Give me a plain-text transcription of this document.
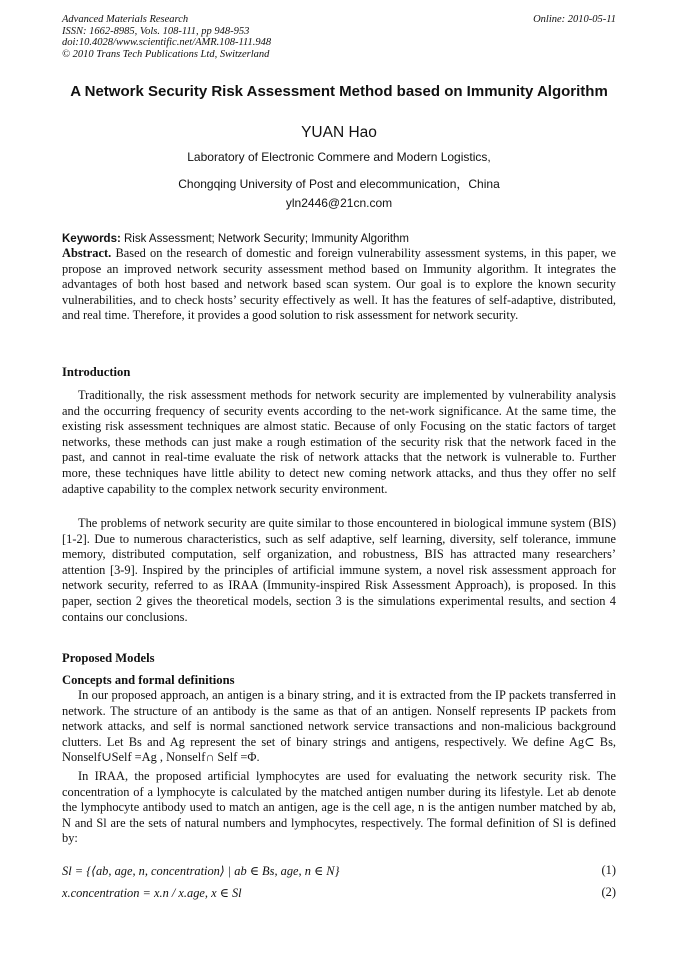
Advanced Materials Research
ISSN: 1662-8985, Vols. 108-111, pp 948-953
doi:10.4028/www.scientific.net/AMR.108-111.948
© 2010 Trans Tech Publications Ltd, Switzerland
Online: 2010-05-11
A Network Security Risk Assessment Method based on Immunity Algorithm
YUAN Hao
Laboratory of Electronic Commere and Modern Logistics,
Chongqing University of Post and elecommunication，China
yln2446@21cn.com
Keywords: Risk Assessment; Network Security; Immunity Algorithm
Abstract. Based on the research of domestic and foreign vulnerability assessment systems, in this paper, we propose an improved network security assessment method based on Immunity algorithm. It integrates the advantages of both host based and network based scan system. Our goal is to explore the known security vulnerabilities, and to check hosts’ security effectively as well. It has the features of self-adaptive, distributed, and real time. Therefore, it provides a good solution to risk assessment for network security.
Introduction
Traditionally, the risk assessment methods for network security are implemented by vulnerability analysis and the occurring frequency of security events according to the net-work significance. At the same time, the existing risk assessment techniques are almost static. Because of only Focusing on the static factors of target networks, these methods can just make a rough estimation of the security risk that the network faced in the past, and cannot in real-time evaluate the risk of network attacks that the network is vulnerable to. Further more, these techniques have little ability to detect new coming network attacks, and thus they offer no self adaptive capability to the complex network security environment.
The problems of network security are quite similar to those encountered in biological immune system (BIS) [1-2]. Due to numerous characteristics, such as self adaptive, self learning, diversity, self tolerance, immune memory, distributed computation, self organization, and robustness, BIS has attracted many researchers’ attention [3-9]. Inspired by the principles of artificial immune system, a novel risk assessment approach for network security, referred to as IRAA (Immunity-inspired Risk Assessment Approach), is proposed. In this paper, section 2 gives the theoretical models, section 3 is the simulations experimental results, and section 4 contains our conclusions.
Proposed Models
Concepts and formal definitions
In our proposed approach, an antigen is a binary string, and it is extracted from the IP packets transferred in network. The structure of an antibody is the same as that of an antigen. Nonself represents IP packets from network attacks, and self is normal sanctioned network service transactions and non-malicious background clutters. Let Bs and Ag represent the set of binary strings and antigens, respectively. We define Ag⊂ Bs, Nonself∪Self =Ag , Nonself∩ Self =Φ.
In IRAA, the proposed artificial lymphocytes are used for evaluating the network security risk. The concentration of a lymphocyte is calculated by the matched antigen number during its lifestyle. Let ab denote the lymphocyte antibody used to match an antigen, age is the cell age, n is the antigen number matched by ab, N and Sl are the sets of natural numbers and lymphocytes, respectively. The formal definition of Sl is defined by:
Sl = {⟨ab, age, n, concentration⟩ | ab ∈ Bs, age, n ∈ N}	(1)
x.concentration = x.n / x.age, x ∈ Sl	(2)
